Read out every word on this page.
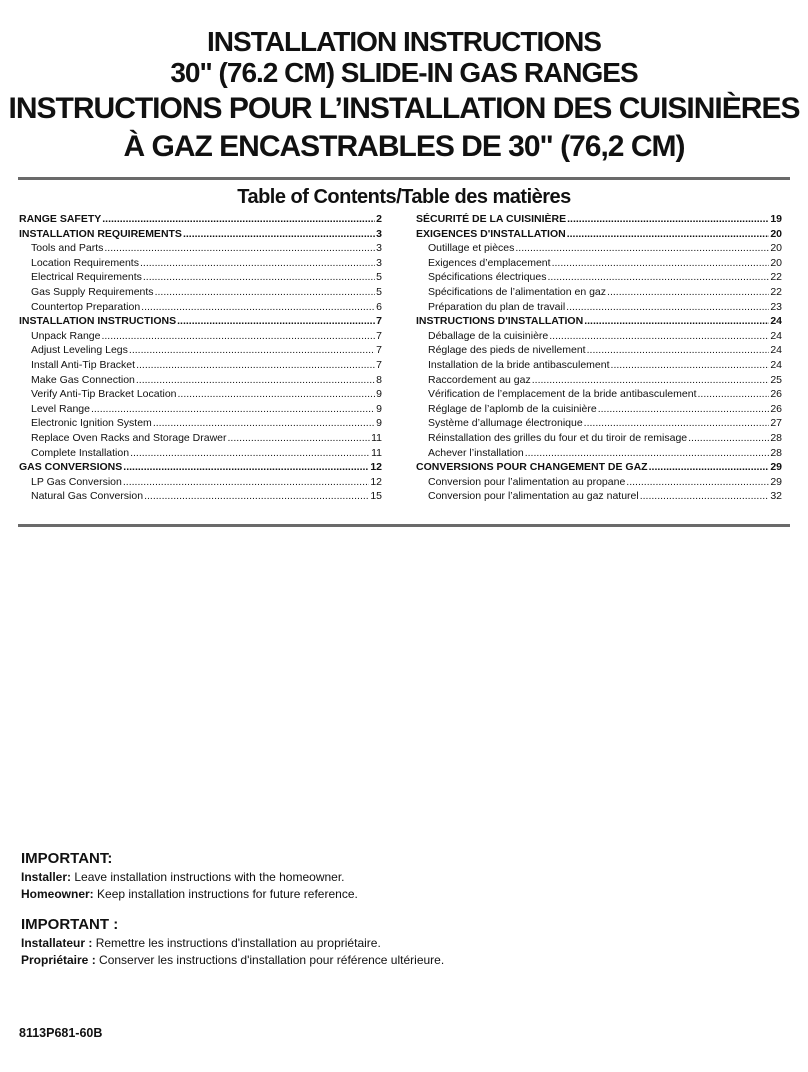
INSTALLATION INSTRUCTIONS
30" (76.2 CM) SLIDE-IN GAS RANGES
INSTRUCTIONS POUR L’INSTALLATION DES CUISINIÈRES
À GAZ ENCASTRABLES DE 30" (76,2 CM)
Table of Contents/Table des matières
RANGE SAFETY .....	2
INSTALLATION REQUIREMENTS .....	3
Tools and Parts .....	3
Location Requirements .....	3
Electrical Requirements .....	5
Gas Supply Requirements .....	5
Countertop Preparation .....	6
INSTALLATION INSTRUCTIONS .....	7
Unpack Range .....	7
Adjust Leveling Legs .....	7
Install Anti-Tip Bracket .....	7
Make Gas Connection .....	8
Verify Anti-Tip Bracket Location .....	9
Level Range .....	9
Electronic Ignition System .....	9
Replace Oven Racks and Storage Drawer .....	11
Complete Installation .....	11
GAS CONVERSIONS .....	12
LP Gas Conversion .....	12
Natural Gas Conversion .....	15
SÉCURITÉ DE LA CUISINIÈRE .....	19
EXIGENCES D'INSTALLATION .....	20
Outillage et pièces .....	20
Exigences d’emplacement .....	20
Spécifications électriques .....	22
Spécifications de l’alimentation en gaz .....	22
Préparation du plan de travail .....	23
INSTRUCTIONS D'INSTALLATION .....	24
Déballage de la cuisinière .....	24
Réglage des pieds de nivellement .....	24
Installation de la bride antibasculement .....	24
Raccordement au gaz .....	25
Vérification de l’emplacement de la bride antibasculement .....	26
Réglage de l’aplomb de la cuisinière .....	26
Système d’allumage électronique .....	27
Réinstallation des grilles du four et du tiroir de remisage .....	28
Achever l’installation .....	28
CONVERSIONS POUR CHANGEMENT DE GAZ .....	29
Conversion pour l’alimentation au propane .....	29
Conversion pour l’alimentation au gaz naturel .....	32
IMPORTANT:

Installer: Leave installation instructions with the homeowner.

Homeowner: Keep installation instructions for future reference.

IMPORTANT :

Installateur : Remettre les instructions d'installation au propriétaire.

Propriétaire : Conserver les instructions d'installation pour référence ultérieure.

8113P681-60B
